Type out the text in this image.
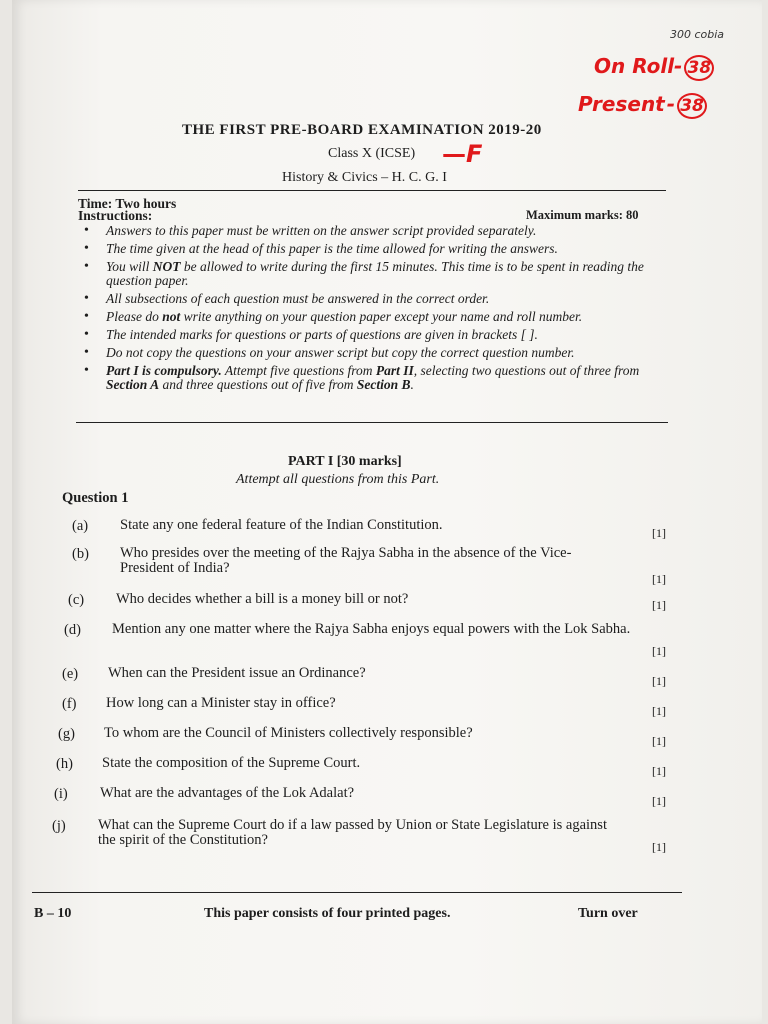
300 cobia
On Roll- 38
Present - 38
—F
THE FIRST PRE-BOARD EXAMINATION 2019-20
Class X (ICSE)
History & Civics – H. C. G. I
Time: Two hours
Instructions:	Maximum marks: 80
• Answers to this paper must be written on the answer script provided separately.
• The time given at the head of this paper is the time allowed for writing the answers.
• You will NOT be allowed to write during the first 15 minutes. This time is to be spent in reading the question paper.
• All subsections of each question must be answered in the correct order.
• Please do not write anything on your question paper except your name and roll number.
• The intended marks for questions or parts of questions are given in brackets [ ].
• Do not copy the questions on your answer script but copy the correct question number.
• Part I is compulsory. Attempt five questions from Part II, selecting two questions out of three from Section A and three questions out of five from Section B.
PART I [30 marks]
Attempt all questions from this Part.
Question 1
(a)	State any one federal feature of the Indian Constitution.	[1]
(b)	Who presides over the meeting of the Rajya Sabha in the absence of the Vice-President of India?
[1]
(c)	Who decides whether a bill is a money bill or not?	[1]
(d)	Mention any one matter where the Rajya Sabha enjoys equal powers with the Lok Sabha.
[1]
(e)	When can the President issue an Ordinance?	[1]
(f)	How long can a Minister stay in office?	[1]
(g)	To whom are the Council of Ministers collectively responsible?	[1]
(h)	State the composition of the Supreme Court.	[1]
(i)	What are the advantages of the Lok Adalat?	[1]
(j)	What can the Supreme Court do if a law passed by Union or State Legislature is against the spirit of the Constitution?	[1]
B – 10	This paper consists of four printed pages.	Turn over
